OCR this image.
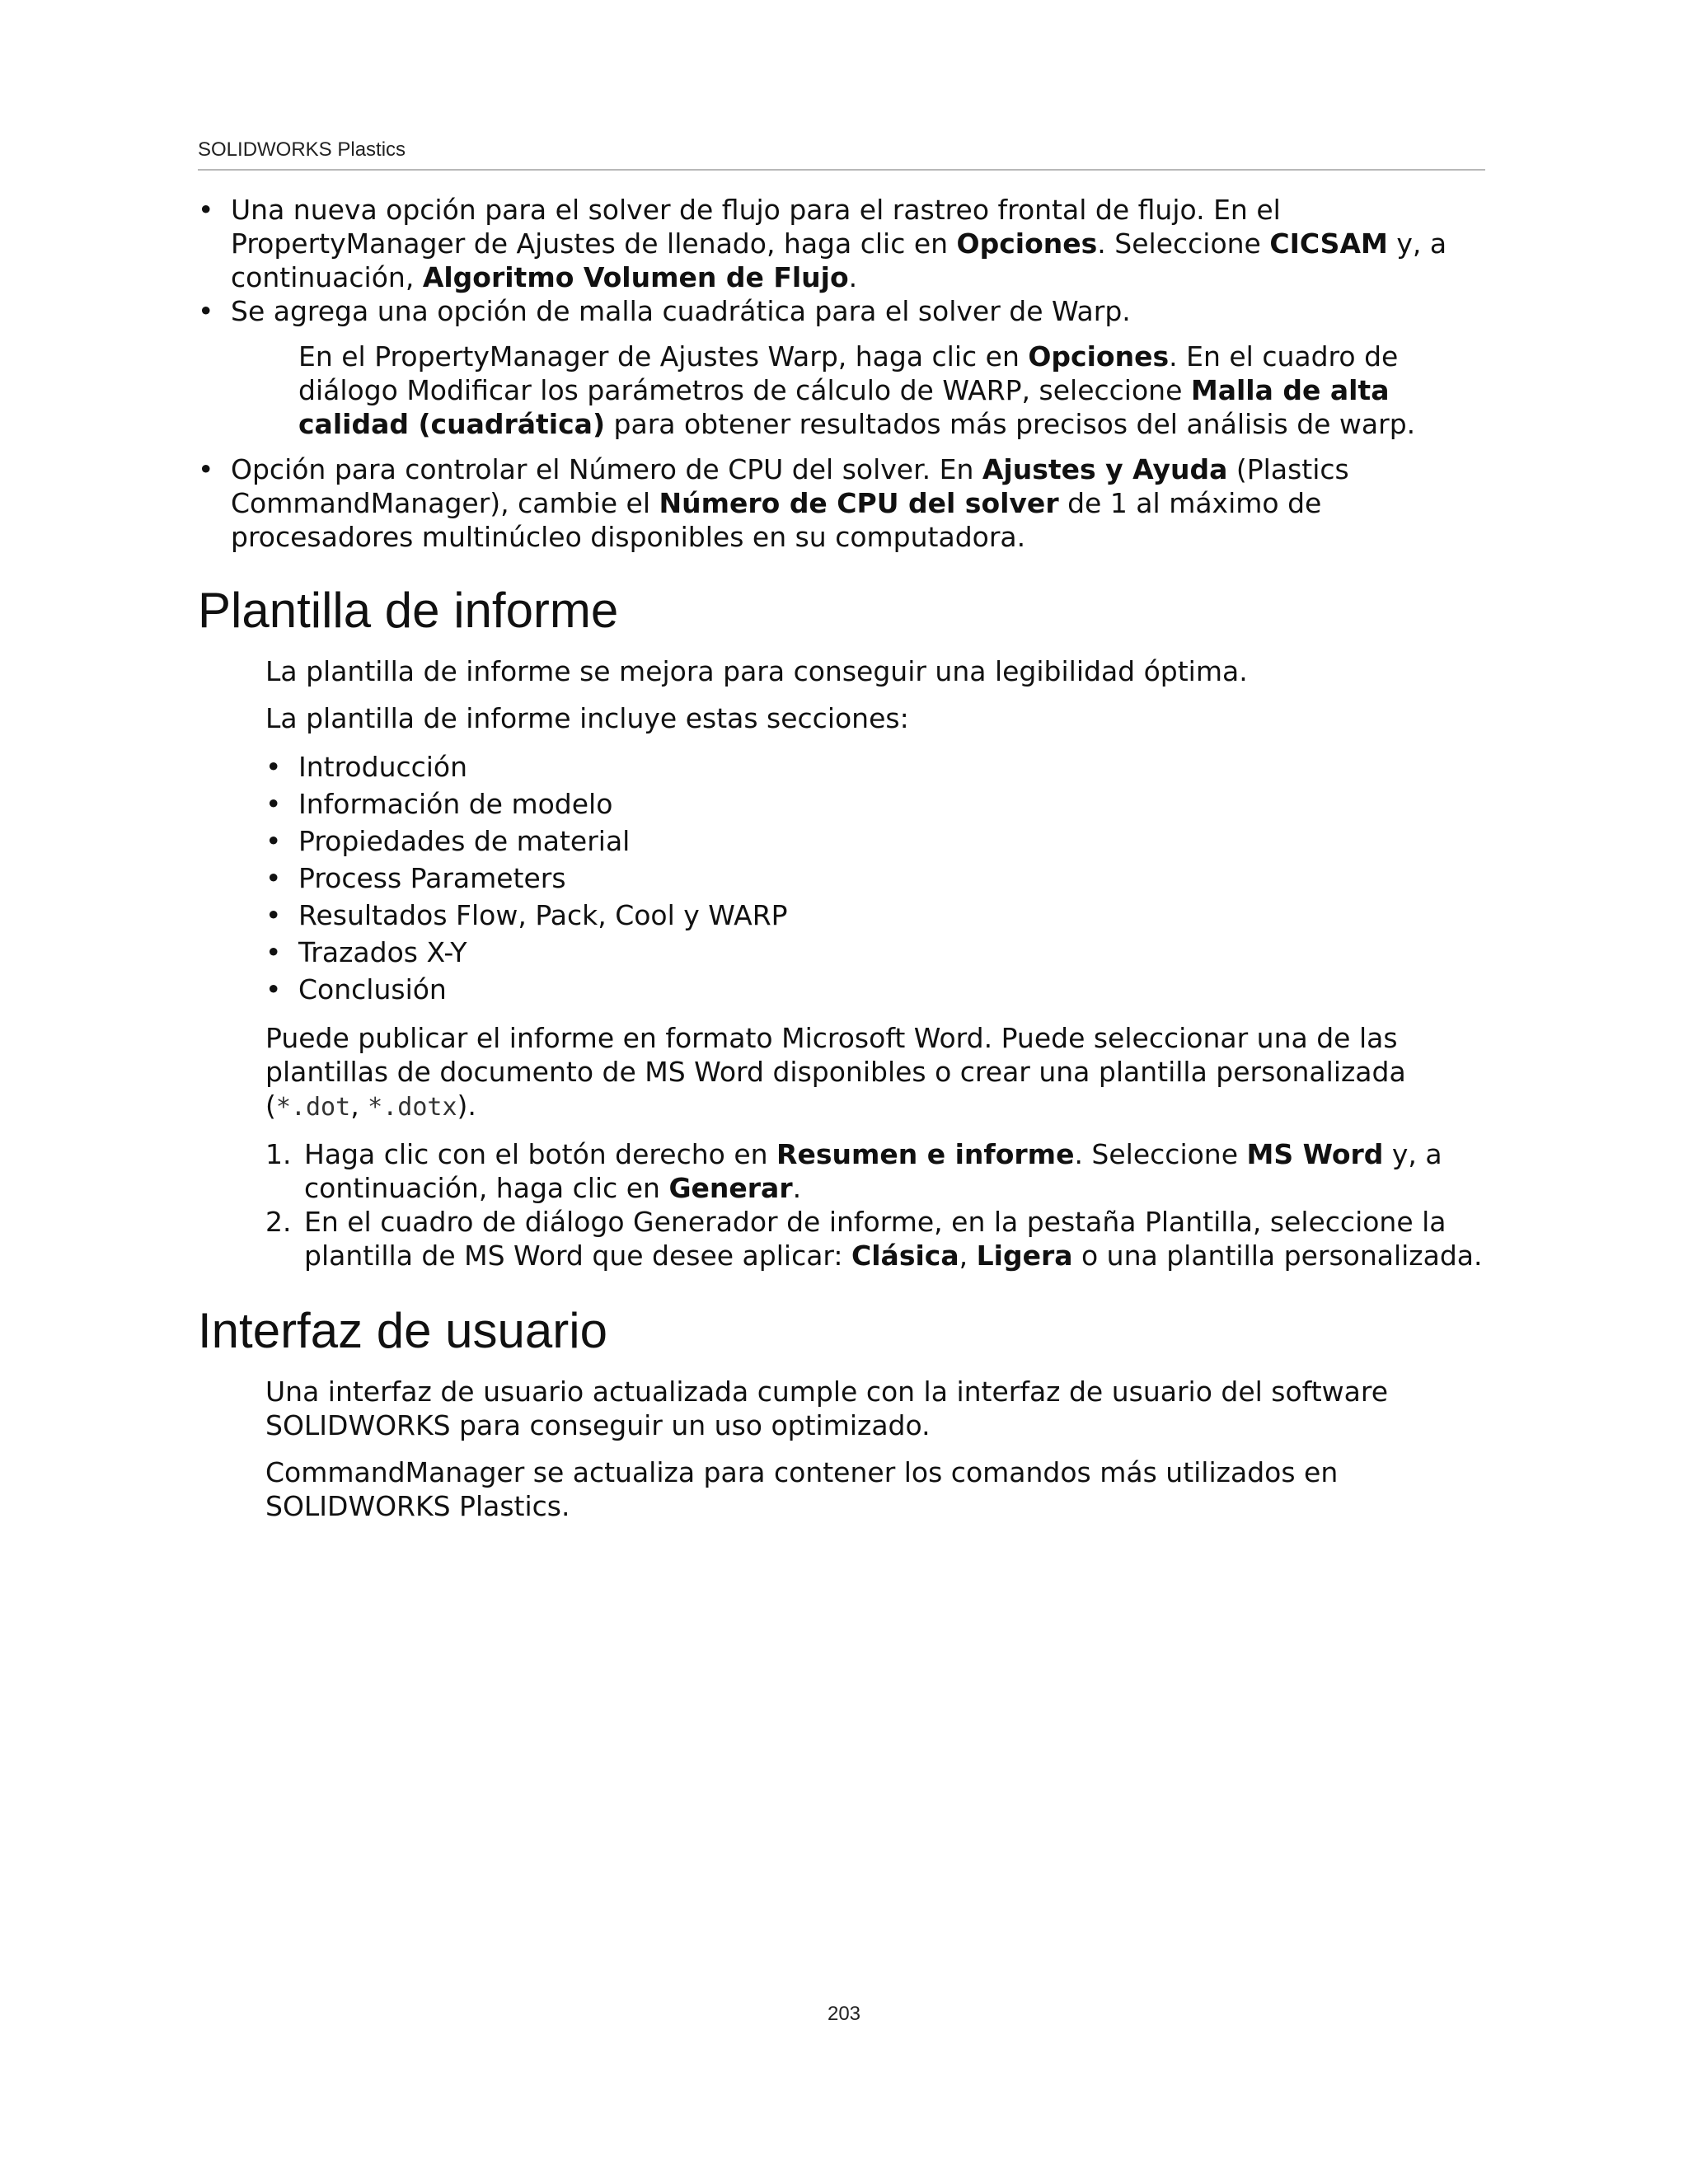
SOLIDWORKS Plastics
• Una nueva opción para el solver de flujo para el rastreo frontal de flujo. En el PropertyManager de Ajustes de llenado, haga clic en Opciones. Seleccione CICSAM y, a continuación, Algoritmo Volumen de Flujo.
• Se agrega una opción de malla cuadrática para el solver de Warp.
En el PropertyManager de Ajustes Warp, haga clic en Opciones. En el cuadro de diálogo Modificar los parámetros de cálculo de WARP, seleccione Malla de alta calidad (cuadrática) para obtener resultados más precisos del análisis de warp.
• Opción para controlar el Número de CPU del solver. En Ajustes y Ayuda (Plastics CommandManager), cambie el Número de CPU del solver de 1 al máximo de procesadores multinúcleo disponibles en su computadora.
Plantilla de informe

La plantilla de informe se mejora para conseguir una legibilidad óptima.

La plantilla de informe incluye estas secciones:

• Introducción
• Información de modelo
• Propiedades de material
• Process Parameters
• Resultados Flow, Pack, Cool y WARP
• Trazados X-Y
• Conclusión

Puede publicar el informe en formato Microsoft Word. Puede seleccionar una de las plantillas de documento de MS Word disponibles o crear una plantilla personalizada (*.dot, *.dotx).

1. Haga clic con el botón derecho en Resumen e informe. Seleccione MS Word y, a continuación, haga clic en Generar.
2. En el cuadro de diálogo Generador de informe, en la pestaña Plantilla, seleccione la plantilla de MS Word que desee aplicar: Clásica, Ligera o una plantilla personalizada.
Interfaz de usuario

Una interfaz de usuario actualizada cumple con la interfaz de usuario del software SOLIDWORKS para conseguir un uso optimizado.

CommandManager se actualiza para contener los comandos más utilizados en SOLIDWORKS Plastics.

203
